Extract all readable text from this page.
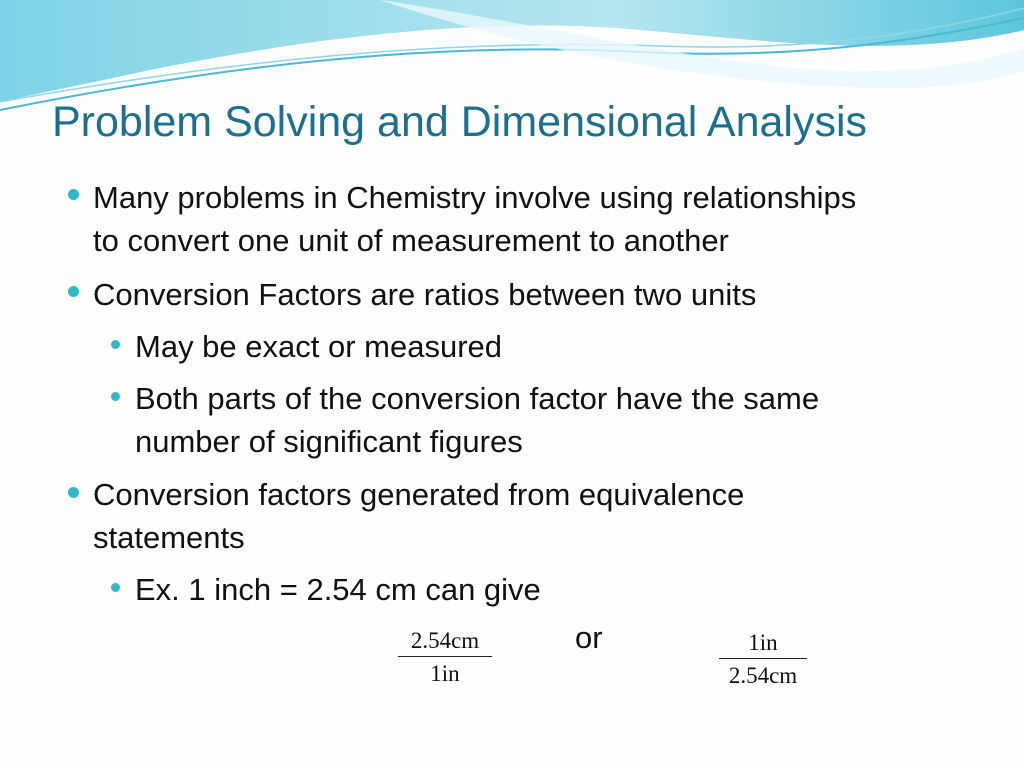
Problem Solving and Dimensional Analysis
Many problems in Chemistry involve using relationships
to convert one unit of measurement to another
Conversion Factors are ratios between two units
May be exact or measured
Both parts of the conversion factor have the same
number of significant figures
Conversion factors generated from equivalence
statements
Ex. 1 inch = 2.54 cm can give
2.54cm
1in
or	1in
2.54cm
